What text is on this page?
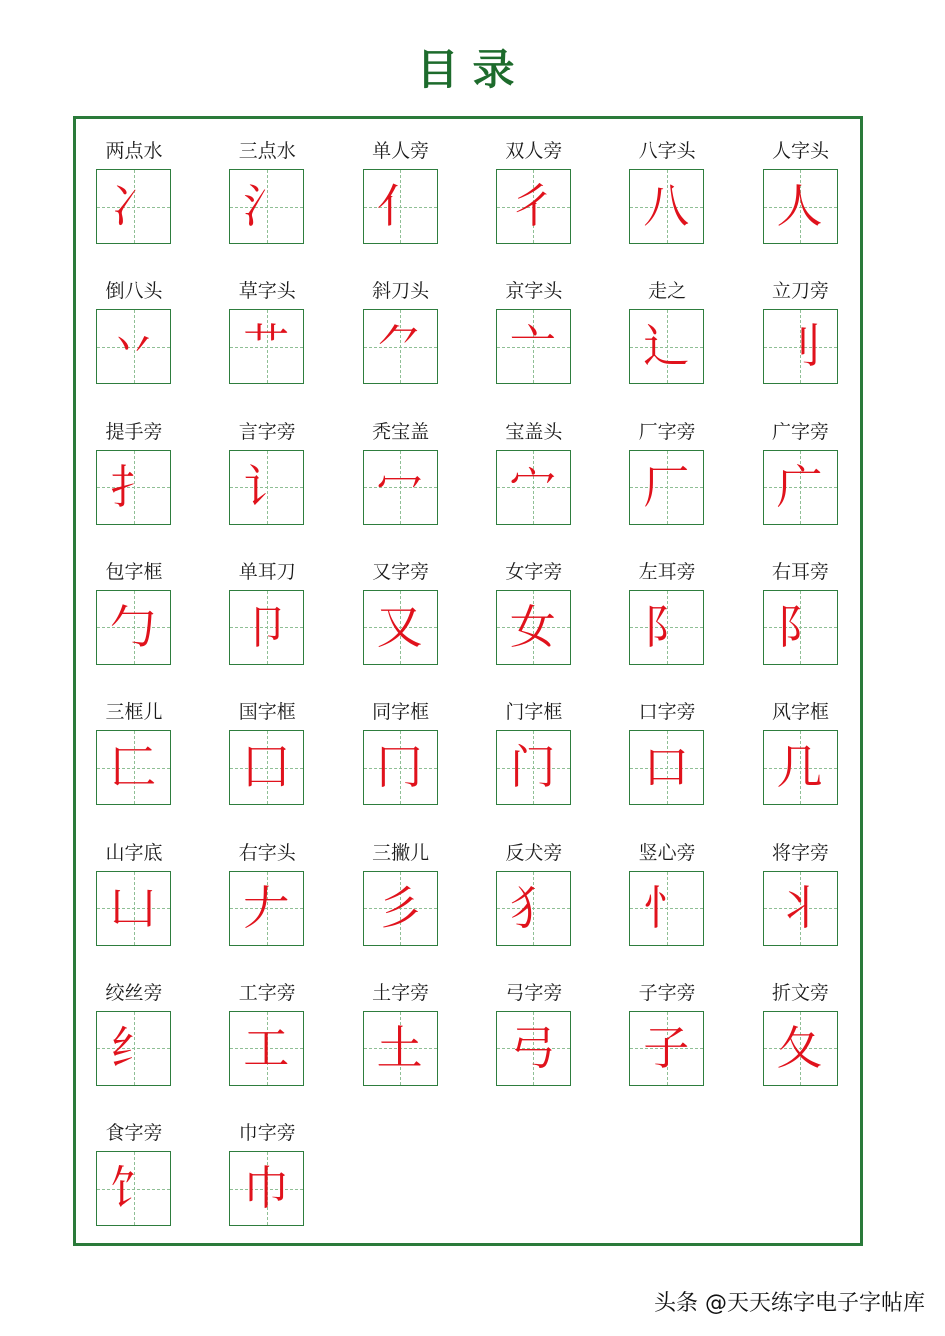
目录
两点水
冫
三点水
氵
单人旁
亻
双人旁
彳
八字头
八
人字头
人
倒八头
丷
草字头
艹
斜刀头
⺈
京字头
亠
走之
辶
立刀旁
刂
提手旁
扌
言字旁
讠
秃宝盖
冖
宝盖头
宀
厂字旁
厂
广字旁
广
包字框
勹
单耳刀
卩
又字旁
又
女字旁
女
左耳旁
阝
右耳旁
阝
三框儿
匚
国字框
囗
同字框
冂
门字框
门
口字旁
口
风字框
几
山字底
凵
右字头
𠂇
三撇儿
彡
反犬旁
犭
竖心旁
忄
将字旁
丬
绞丝旁
纟
工字旁
工
土字旁
土
弓字旁
弓
子字旁
子
折文旁
夂
食字旁
饣
巾字旁
巾
头条 @天天练字电子字帖库
